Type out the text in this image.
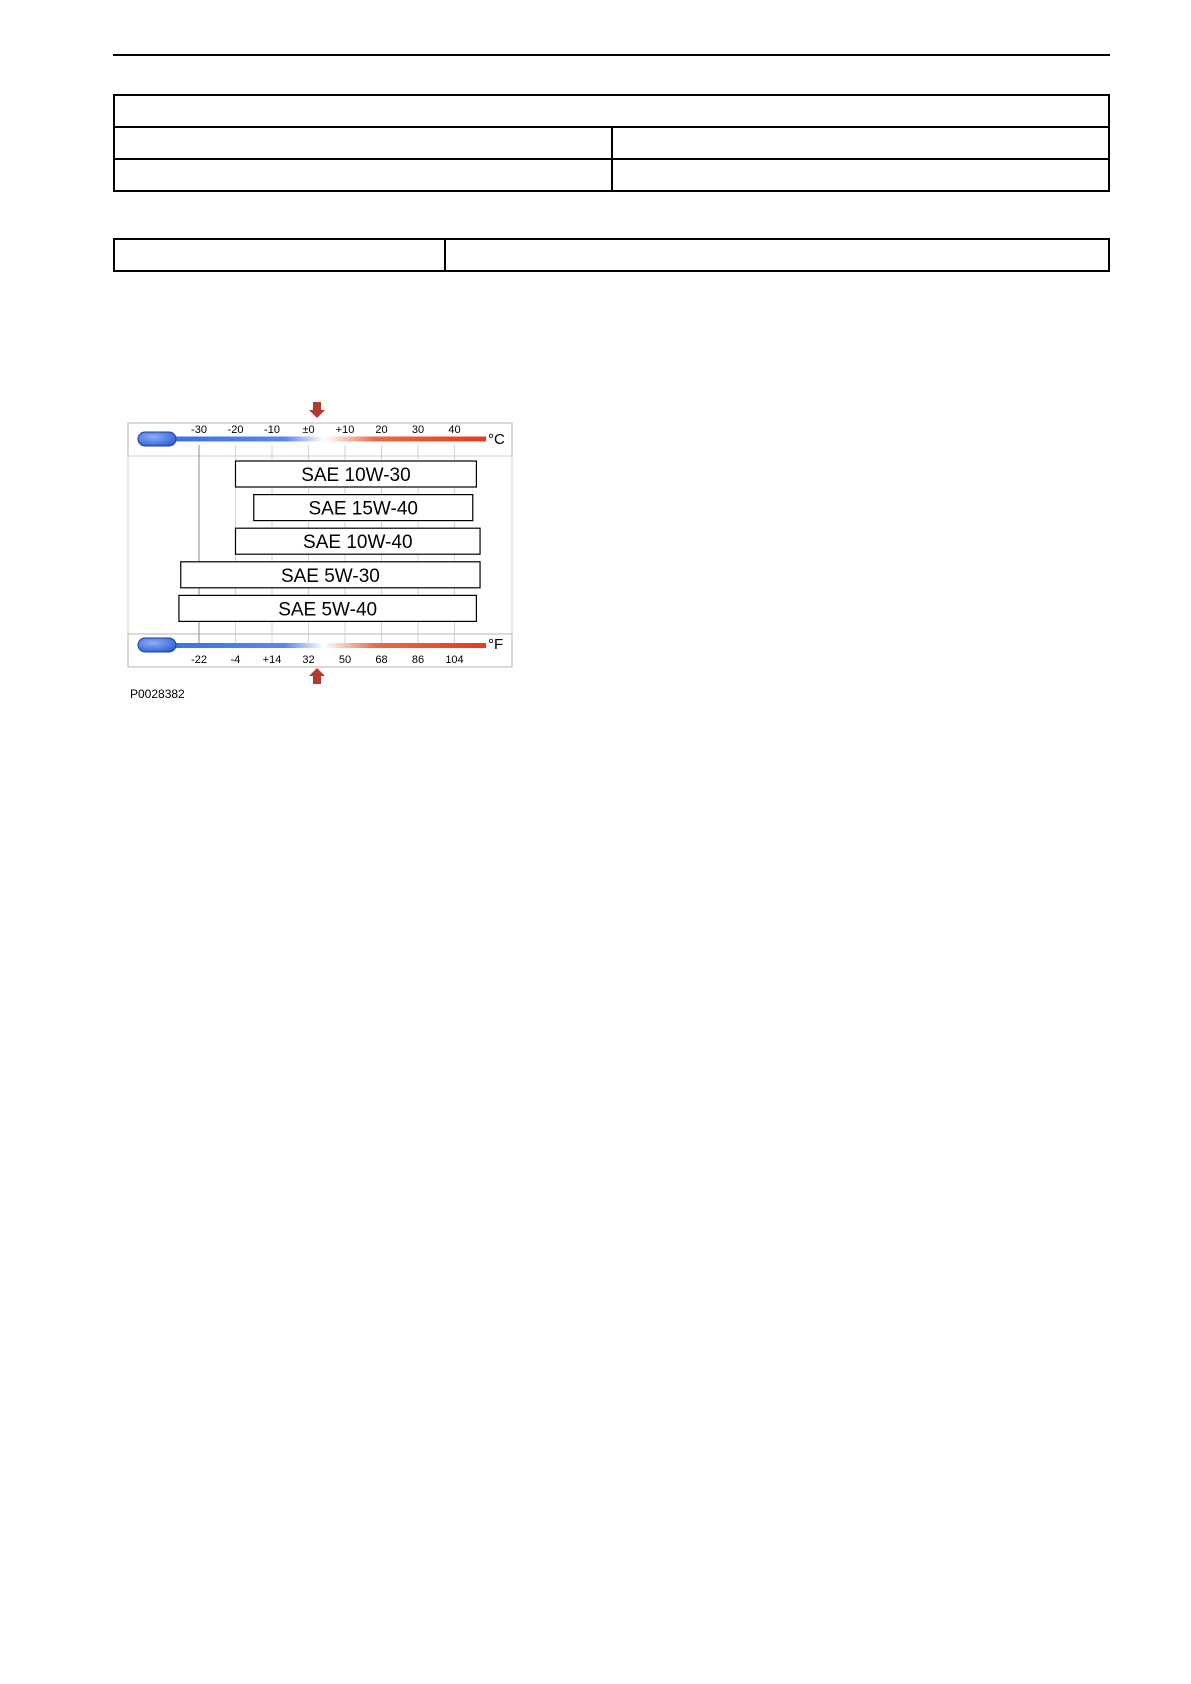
-30 -20 -10 ±0 +10 20 30 40
-22 -4 +14 32 50 68 86 104
°C
°F
SAE 10W-30
SAE 15W-40
SAE 10W-40
SAE 5W-30
SAE 5W-40
P0028382
